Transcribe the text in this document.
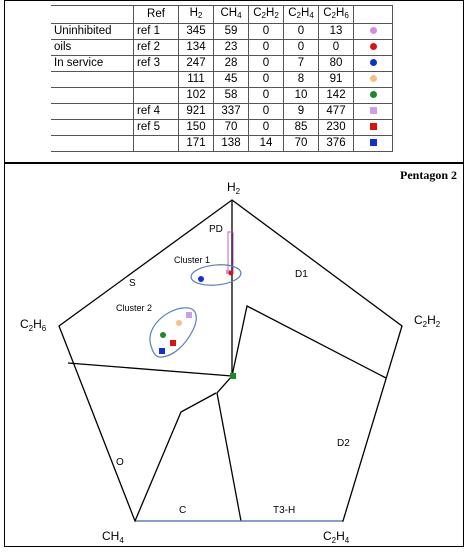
	Ref	$H_2$	$CH_4$	$C_2H_2$	$C_2H_4$	$C_2H_6$	
Uninhibited	ref 1	345	59	0	0	13	
oils	ref 2	134	23	0	0	0	
In service	ref 3	247	28	0	7	80	
		111	45	0	8	91	
		102	58	0	10	142	
	ref 4	921	337	0	9	477	
	ref 5	150	70	0	85	230	
		171	138	14	70	376	
Pentagon 2
$H_2$
$C_2H_6$
$C_2H_2$
$CH_4$	$C_2H_4$
PD
S
D1
D2
O
C	T3-H
Cluster 1
Cluster 2
